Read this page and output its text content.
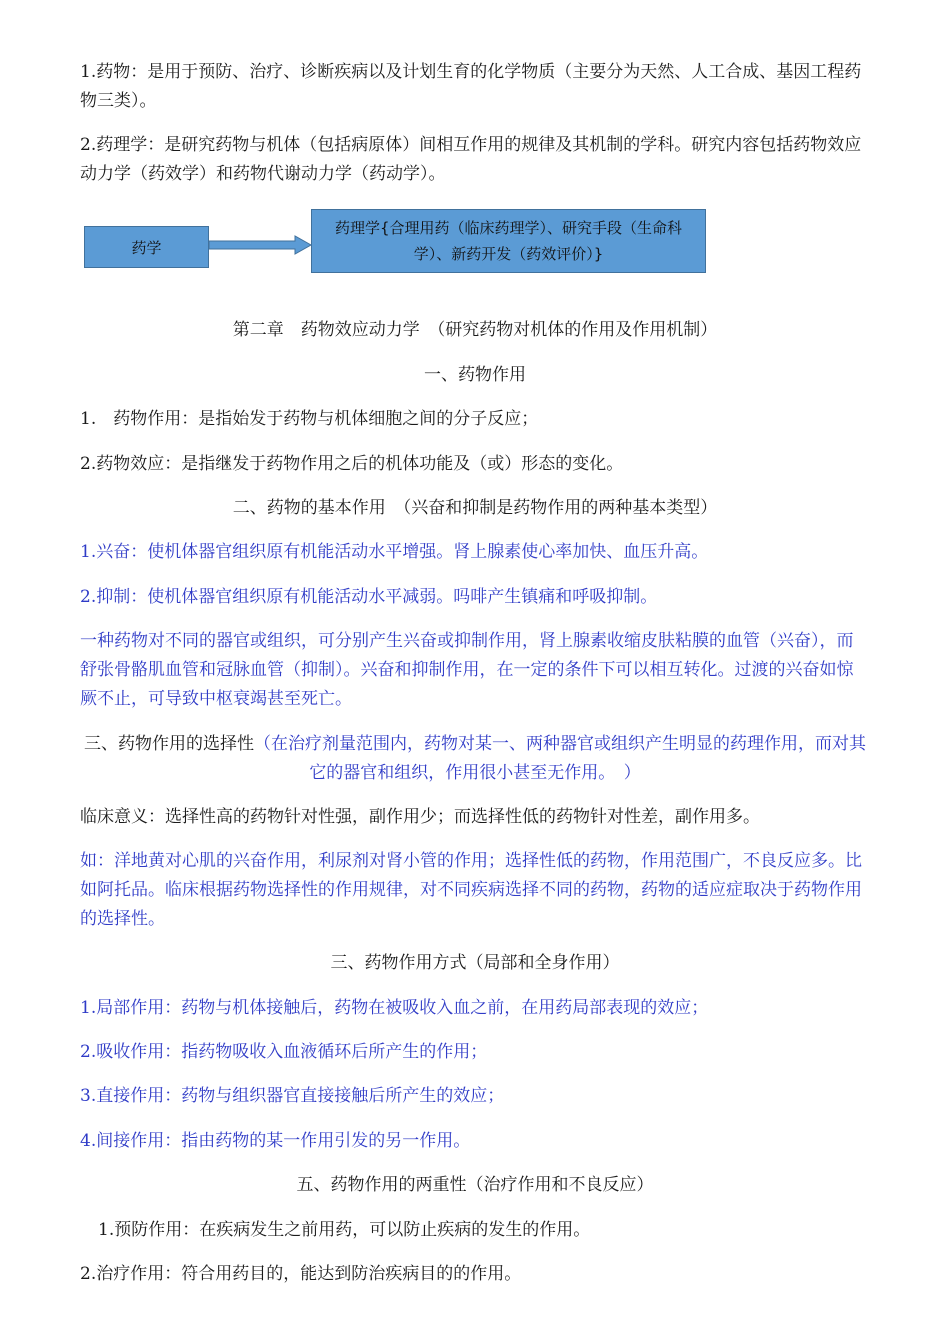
1.药物：是用于预防、治疗、诊断疾病以及计划生育的化学物质（主要分为天然、人工合成、基因工程药物三类）。

2.药理学：是研究药物与机体（包括病原体）间相互作用的规律及其机制的学科。研究内容包括药物效应动力学（药效学）和药物代谢动力学（药动学）。

药学
药理学{合理用药（临床药理学）、研究手段（生命科学）、新药开发（药效评价）}

第二章　药物效应动力学　（研究药物对机体的作用及作用机制）

一、药物作用

1.　药物作用：是指始发于药物与机体细胞之间的分子反应；

2.药物效应：是指继发于药物作用之后的机体功能及（或）形态的变化。

二、药物的基本作用　（兴奋和抑制是药物作用的两种基本类型）

1.兴奋：使机体器官组织原有机能活动水平增强。肾上腺素使心率加快、血压升高。

2.抑制：使机体器官组织原有机能活动水平减弱。吗啡产生镇痛和呼吸抑制。

一种药物对不同的器官或组织，可分别产生兴奋或抑制作用，肾上腺素收缩皮肤粘膜的血管（兴奋），而舒张骨骼肌血管和冠脉血管（抑制）。兴奋和抑制作用，在一定的条件下可以相互转化。过渡的兴奋如惊厥不止，可导致中枢衰竭甚至死亡。

三、药物作用的选择性（在治疗剂量范围内，药物对某一、两种器官或组织产生明显的药理作用，而对其它的器官和组织，作用很小甚至无作用。　）

临床意义：选择性高的药物针对性强，副作用少；而选择性低的药物针对性差，副作用多。

如：洋地黄对心肌的兴奋作用，利尿剂对肾小管的作用；选择性低的药物，作用范围广，不良反应多。比如阿托品。临床根据药物选择性的作用规律，对不同疾病选择不同的药物，药物的适应症取决于药物作用的选择性。

三、药物作用方式（局部和全身作用）

1.局部作用：药物与机体接触后，药物在被吸收入血之前，在用药局部表现的效应；

2.吸收作用：指药物吸收入血液循环后所产生的作用；

3.直接作用：药物与组织器官直接接触后所产生的效应；

4.间接作用：指由药物的某一作用引发的另一作用。

五、药物作用的两重性（治疗作用和不良反应）

1.预防作用：在疾病发生之前用药，可以防止疾病的发生的作用。

2.治疗作用：符合用药目的，能达到防治疾病目的的作用。
